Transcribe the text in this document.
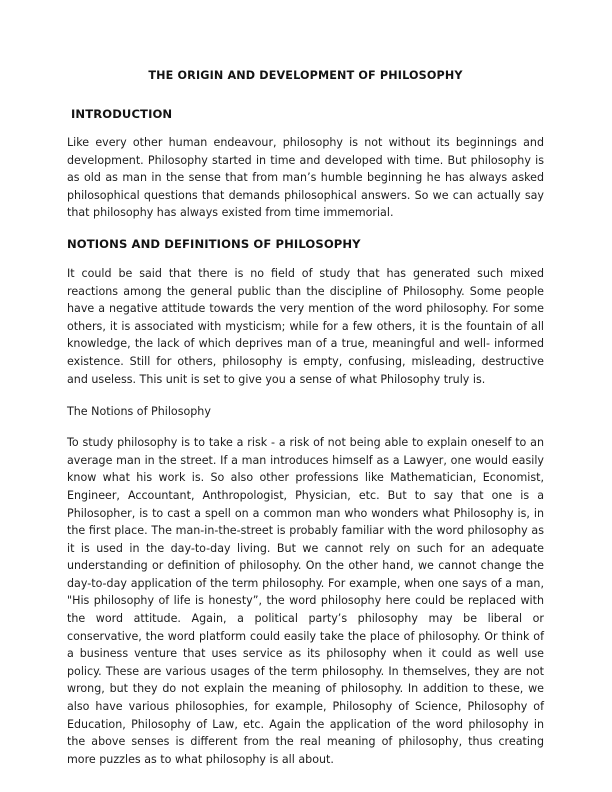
THE ORIGIN AND DEVELOPMENT OF PHILOSOPHY
INTRODUCTION

Like every other human endeavour, philosophy is not without its beginnings and development. Philosophy started in time and developed with time. But philosophy is as old as man in the sense that from man’s humble beginning he has always asked philosophical questions that demands philosophical answers. So we can actually say that philosophy has always existed from time immemorial.

NOTIONS AND DEFINITIONS OF PHILOSOPHY

It could be said that there is no field of study that has generated such mixed reactions among the general public than the discipline of Philosophy. Some people have a negative attitude towards the very mention of the word philosophy. For some others, it is associated with mysticism; while for a few others, it is the fountain of all knowledge, the lack of which deprives man of a true, meaningful and well- informed existence. Still for others, philosophy is empty, confusing, misleading, destructive and useless. This unit is set to give you a sense of what Philosophy truly is.

The Notions of Philosophy

To study philosophy is to take a risk - a risk of not being able to explain oneself to an average man in the street. If a man introduces himself as a Lawyer, one would easily know what his work is. So also other professions like Mathematician, Economist, Engineer, Accountant, Anthropologist, Physician, etc. But to say that one is a Philosopher, is to cast a spell on a common man who wonders what Philosophy is, in the first place. The man-in-the-street is probably familiar with the word philosophy as it is used in the day-to-day living. But we cannot rely on such for an adequate understanding or definition of philosophy. On the other hand, we cannot change the day-to-day application of the term philosophy. For example, when one says of a man, "His philosophy of life is honesty”, the word philosophy here could be replaced with the word attitude. Again, a political party’s philosophy may be liberal or conservative, the word platform could easily take the place of philosophy. Or think of a business venture that uses service as its philosophy when it could as well use policy. These are various usages of the term philosophy. In themselves, they are not wrong, but they do not explain the meaning of philosophy. In addition to these, we also have various philosophies, for example, Philosophy of Science, Philosophy of Education, Philosophy of Law, etc. Again the application of the word philosophy in the above senses is different from the real meaning of philosophy, thus creating more puzzles as to what philosophy is all about.
